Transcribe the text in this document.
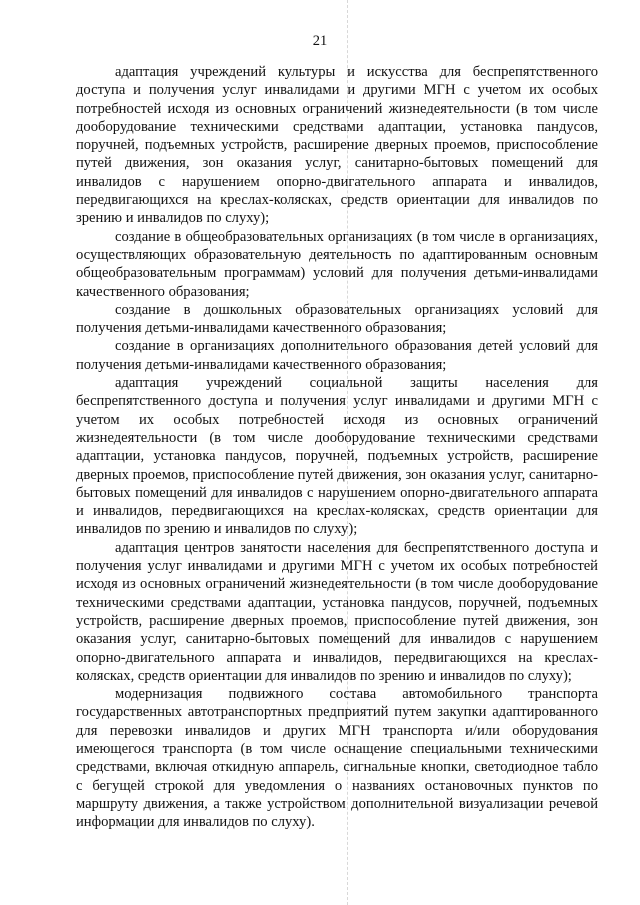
21

адаптация учреждений культуры и искусства для беспрепятственного доступа и получения услуг инвалидами и другими МГН с учетом их особых потребностей исходя из основных ограничений жизнедеятельности (в том числе дооборудование техническими средствами адаптации, установка пандусов, поручней, подъемных устройств, расширение дверных проемов, приспособление путей движения, зон оказания услуг, санитарно-бытовых помещений для инвалидов с нарушением опорно-двигательного аппарата и инвалидов, передвигающихся на креслах-колясках, средств ориентации для инвалидов по зрению и инвалидов по слуху);

создание в общеобразовательных организациях (в том числе в организациях, осуществляющих образовательную деятельность по адаптированным основным общеобразовательным программам) условий для получения детьми-инвалидами качественного образования;

создание в дошкольных образовательных организациях условий для получения детьми-инвалидами качественного образования;

создание в организациях дополнительного образования детей условий для получения детьми-инвалидами качественного образования;

адаптация учреждений социальной защиты населения для беспрепятственного доступа и получения услуг инвалидами и другими МГН с учетом их особых потребностей исходя из основных ограничений жизнедеятельности (в том числе дооборудование техническими средствами адаптации, установка пандусов, поручней, подъемных устройств, расширение дверных проемов, приспособление путей движения, зон оказания услуг, санитарно-бытовых помещений для инвалидов с нарушением опорно-двигательного аппарата и инвалидов, передвигающихся на креслах-колясках, средств ориентации для инвалидов по зрению и инвалидов по слуху);

адаптация центров занятости населения для беспрепятственного доступа и получения услуг инвалидами и другими МГН с учетом их особых потребностей исходя из основных ограничений жизнедеятельности (в том числе дооборудование техническими средствами адаптации, установка пандусов, поручней, подъемных устройств, расширение дверных проемов, приспособление путей движения, зон оказания услуг, санитарно-бытовых помещений для инвалидов с нарушением опорно-двигательного аппарата и инвалидов, передвигающихся на креслах-колясках, средств ориентации для инвалидов по зрению и инвалидов по слуху);

модернизация подвижного состава автомобильного транспорта государственных автотранспортных предприятий путем закупки адаптированного для перевозки инвалидов и других МГН транспорта и/или оборудования имеющегося транспорта (в том числе оснащение специальными техническими средствами, включая откидную аппарель, сигнальные кнопки, светодиодное табло с бегущей строкой для уведомления о названиях остановочных пунктов по маршруту движения, а также устройством дополнительной визуализации речевой информации для инвалидов по слуху).
